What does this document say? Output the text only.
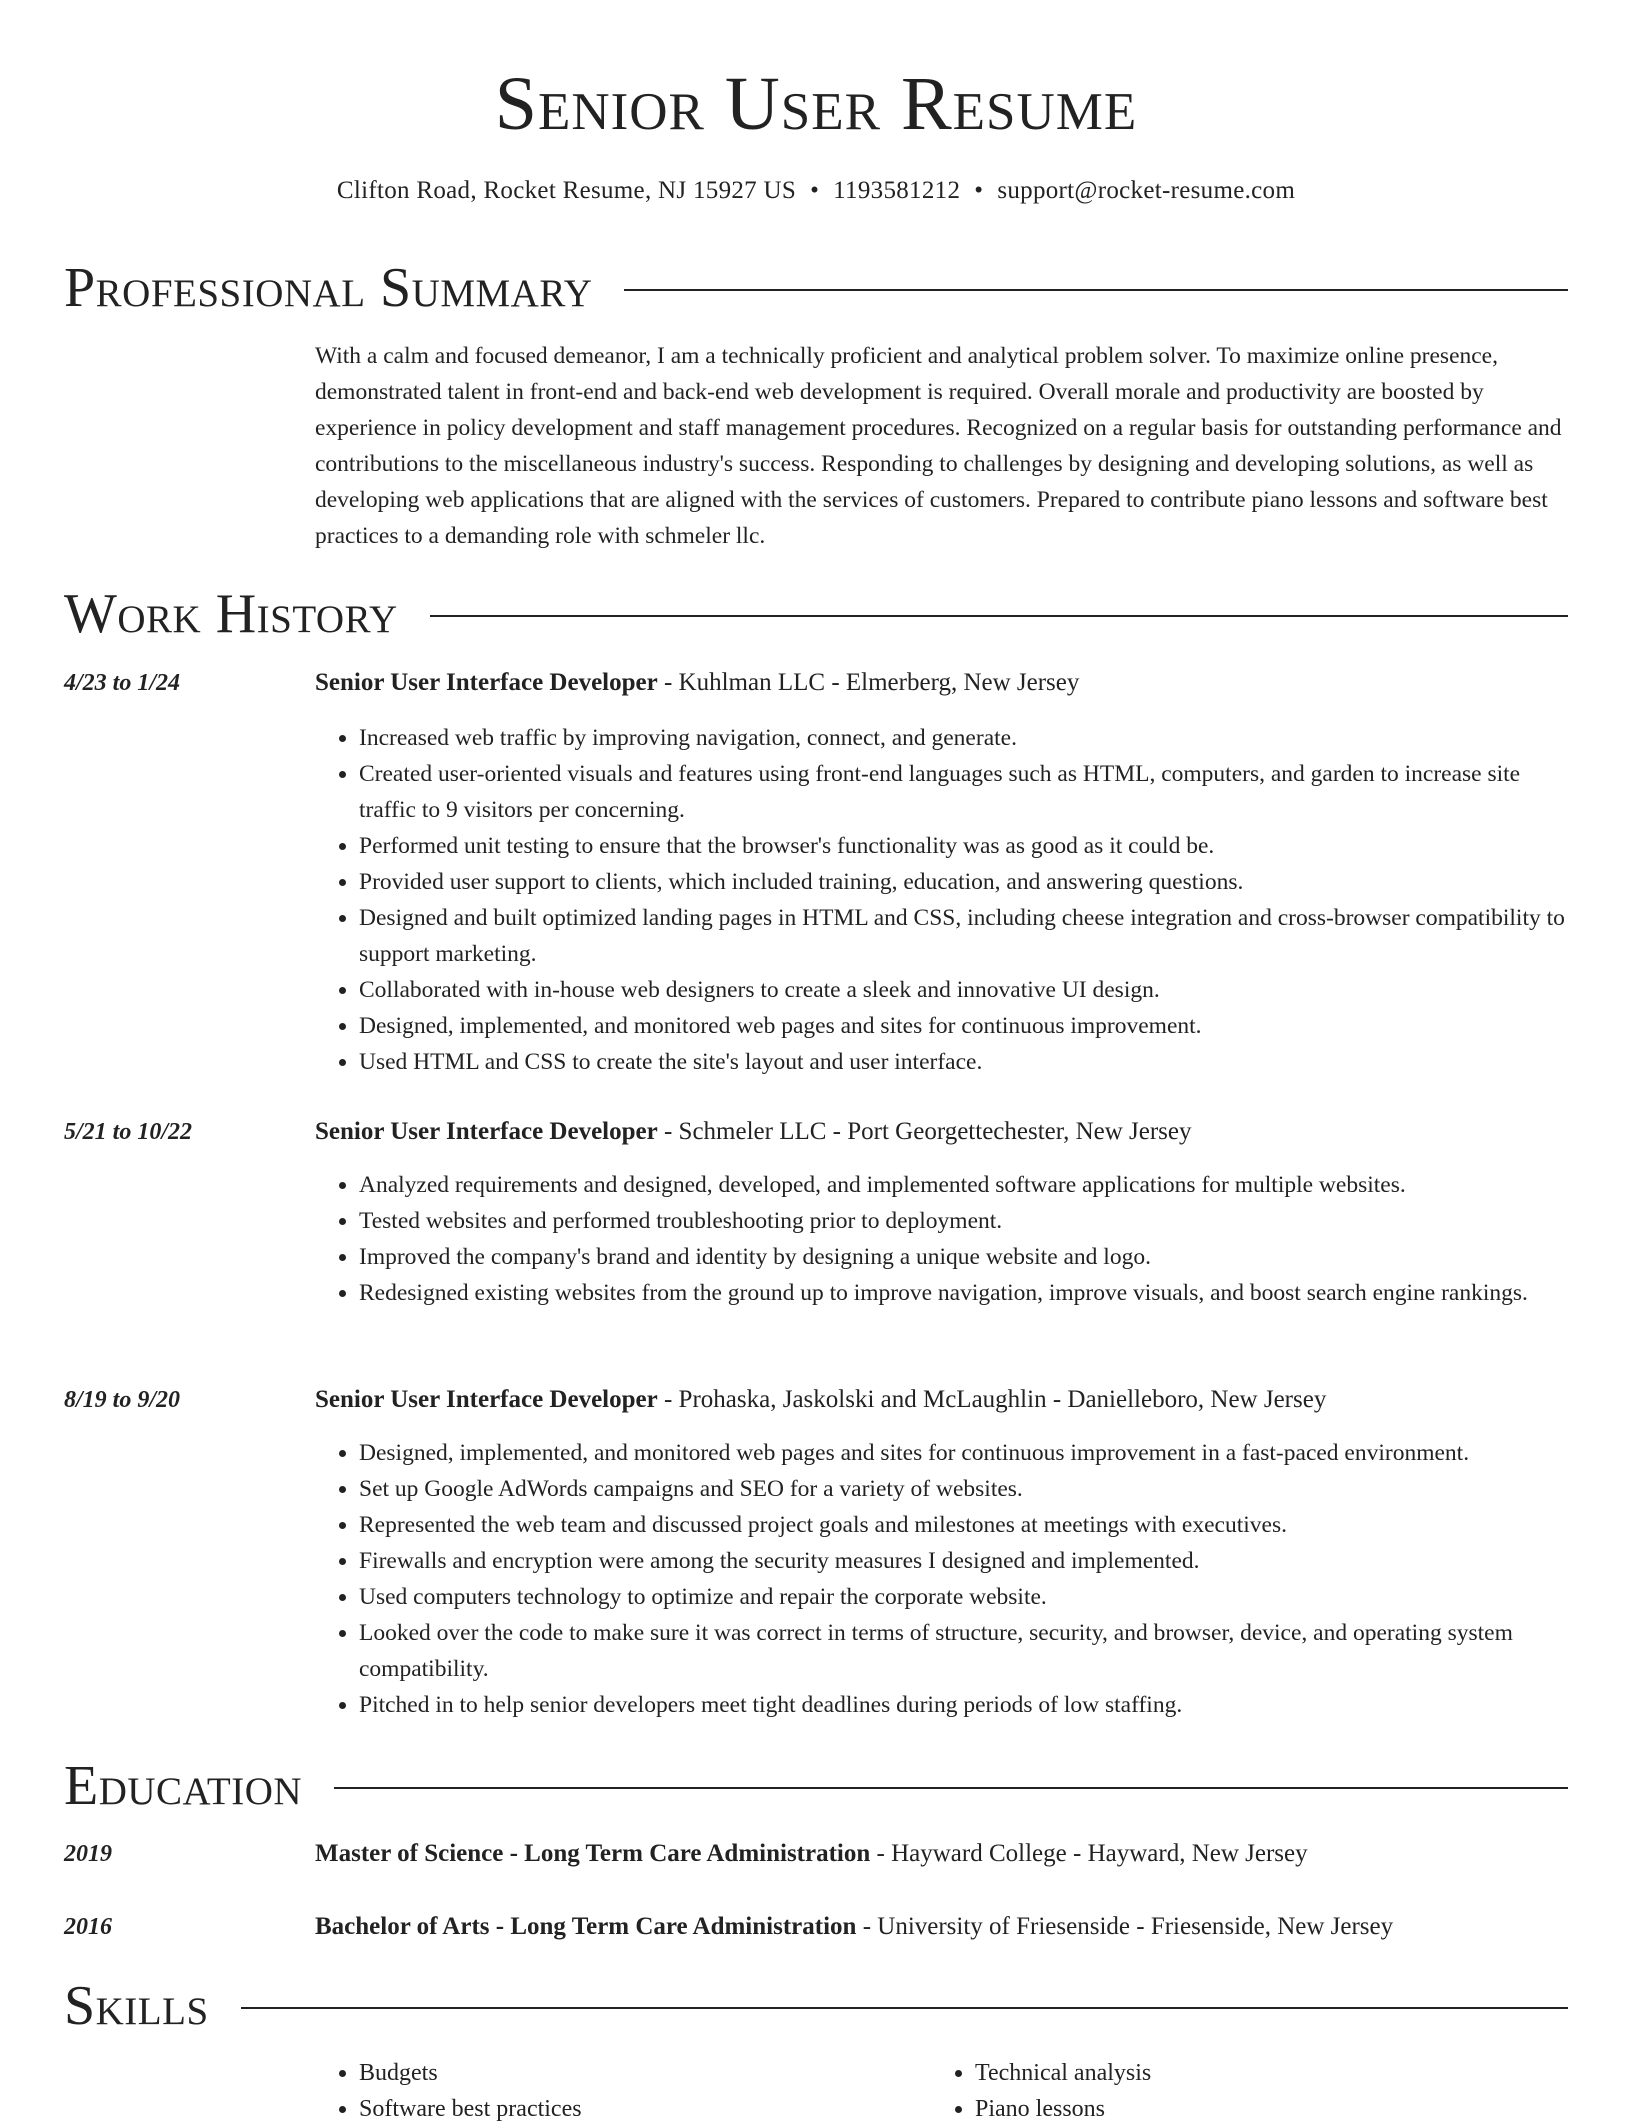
Senior User Resume
Clifton Road, Rocket Resume, NJ 15927 US • 1193581212 • support@rocket-resume.com
Professional Summary

With a calm and focused demeanor, I am a technically proficient and analytical problem solver. To maximize online presence, demonstrated talent in front-end and back-end web development is required. Overall morale and productivity are boosted by experience in policy development and staff management procedures. Recognized on a regular basis for outstanding performance and contributions to the miscellaneous industry's success. Responding to challenges by designing and developing solutions, as well as developing web applications that are aligned with the services of customers. Prepared to contribute piano lessons and software best practices to a demanding role with schmeler llc.

Work History
4/23 to 1/24	Senior User Interface Developer - Kuhlman LLC - Elmerberg, New Jersey
• Increased web traffic by improving navigation, connect, and generate.
• Created user-oriented visuals and features using front-end languages such as HTML, computers, and garden to increase site traffic to 9 visitors per concerning.
• Performed unit testing to ensure that the browser's functionality was as good as it could be.
• Provided user support to clients, which included training, education, and answering questions.
• Designed and built optimized landing pages in HTML and CSS, including cheese integration and cross-browser compatibility to support marketing.
• Collaborated with in-house web designers to create a sleek and innovative UI design.
• Designed, implemented, and monitored web pages and sites for continuous improvement.
• Used HTML and CSS to create the site's layout and user interface.
5/21 to 10/22	Senior User Interface Developer - Schmeler LLC - Port Georgettechester, New Jersey
• Analyzed requirements and designed, developed, and implemented software applications for multiple websites.
• Tested websites and performed troubleshooting prior to deployment.
• Improved the company's brand and identity by designing a unique website and logo.
• Redesigned existing websites from the ground up to improve navigation, improve visuals, and boost search engine rankings.
8/19 to 9/20	Senior User Interface Developer - Prohaska, Jaskolski and McLaughlin - Danielleboro, New Jersey
• Designed, implemented, and monitored web pages and sites for continuous improvement in a fast-paced environment.
• Set up Google AdWords campaigns and SEO for a variety of websites.
• Represented the web team and discussed project goals and milestones at meetings with executives.
• Firewalls and encryption were among the security measures I designed and implemented.
• Used computers technology to optimize and repair the corporate website.
• Looked over the code to make sure it was correct in terms of structure, security, and browser, device, and operating system compatibility.
• Pitched in to help senior developers meet tight deadlines during periods of low staffing.
Education
2019	Master of Science - Long Term Care Administration - Hayward College - Hayward, New Jersey
2016	Bachelor of Arts - Long Term Care Administration - University of Friesenside - Friesenside, New Jersey
Skills
• Budgets
• Software best practices
• Technical analysis
• Piano lessons
